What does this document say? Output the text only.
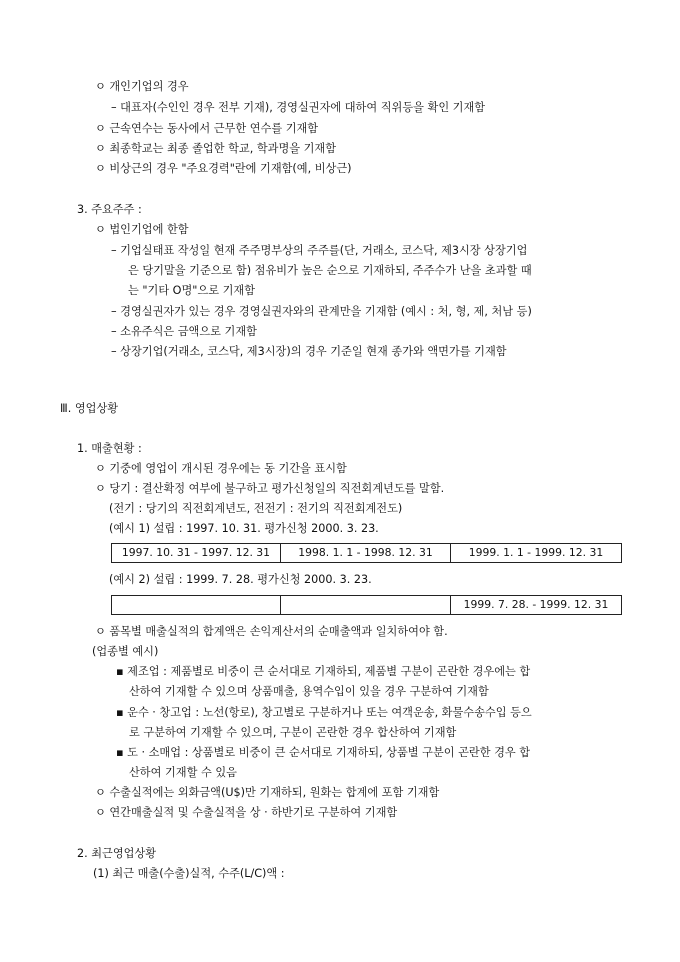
ㅇ 개인기업의 경우
– 대표자(수인인 경우 전부 기재), 경영실권자에 대하여 직위등을 확인 기재함
ㅇ 근속연수는 동사에서 근무한 연수를 기재함
ㅇ 최종학교는 최종 졸업한 학교, 학과명을 기재함
ㅇ 비상근의 경우 "주요경력"란에 기재함(예, 비상근)
3. 주요주주 :
ㅇ 법인기업에 한함
– 기업실태표 작성일 현재 주주명부상의 주주를(단, 거래소, 코스닥, 제3시장 상장기업
은 당기말을 기준으로 함) 점유비가 높은 순으로 기재하되, 주주수가 난을 초과할 때
는 "기타 O명"으로 기재함
– 경영실권자가 있는 경우 경영실권자와의 관계만을 기재함 (예시 : 처, 형, 제, 처남 등)
– 소유주식은 금액으로 기재함
– 상장기업(거래소, 코스닥, 제3시장)의 경우 기준일 현재 종가와 액면가를 기재함
Ⅲ. 영업상황
1. 매출현황 :
ㅇ 기중에 영업이 개시된 경우에는 동 기간을 표시함
ㅇ 당기 : 결산확정 여부에 불구하고 평가신청일의 직전회계년도를 말함.
(전기 : 당기의 직전회계년도, 전전기 : 전기의 직전회계전도)
(예시 1) 설립 : 1997. 10. 31. 평가신청 2000. 3. 23.
1997. 10. 31 - 1997. 12. 31	1998. 1. 1 - 1998. 12. 31	1999. 1. 1 - 1999. 12. 31
(예시 2) 설립 : 1999. 7. 28. 평가신청 2000. 3. 23.
		1999. 7. 28. - 1999. 12. 31
ㅇ 품목별 매출실적의 합계액은 손익계산서의 순매출액과 일치하여야 함.
(업종별 예시)
▪ 제조업 : 제품별로 비중이 큰 순서대로 기재하되, 제품별 구분이 곤란한 경우에는 합
산하여 기재할 수 있으며 상품매출, 용역수입이 있을 경우 구분하여 기재함
▪ 운수 · 창고업 : 노선(항로), 창고별로 구분하거나 또는 여객운송, 화물수송수입 등으
로 구분하여 기재할 수 있으며, 구분이 곤란한 경우 합산하여 기재함
▪ 도 · 소매업 : 상품별로 비중이 큰 순서대로 기재하되, 상품별 구분이 곤란한 경우 합
산하여 기재할 수 있음
ㅇ 수출실적에는 외화금액(U$)만 기재하되, 원화는 합계에 포함 기재함
ㅇ 연간매출실적 및 수출실적을 상 · 하반기로 구분하여 기재함
2. 최근영업상황
(1) 최근 매출(수출)실적, 수주(L/C)액 :
